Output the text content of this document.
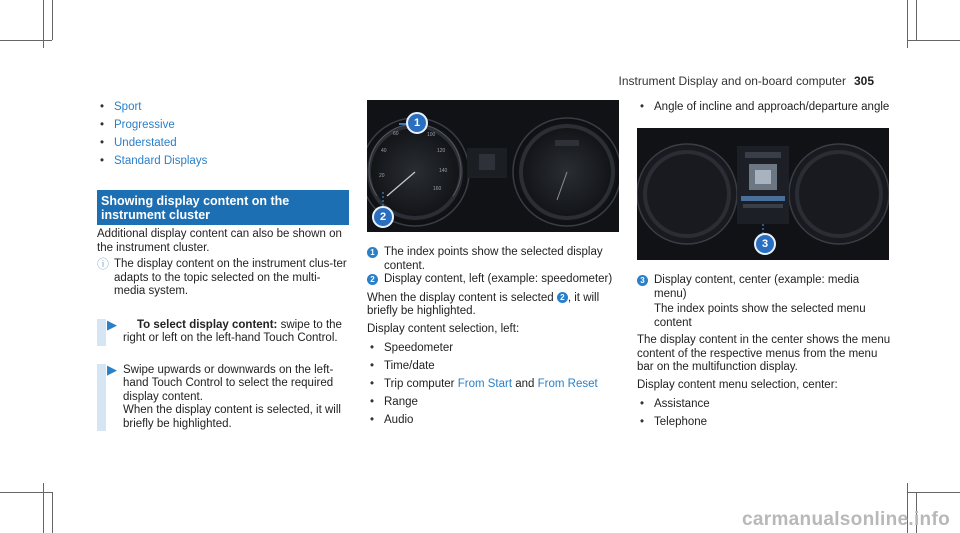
Instrument Display and on-board computer 305
• Sport
• Progressive
• Understated
• Standard Displays
Showing display content on the instrument cluster

Additional display content can also be shown on the instrument cluster.

ⓘ The display content on the instrument clus-ter adapts to the topic selected on the multi-media system.
▶	To select display content: swipe to the right or left on the left-hand Touch Control.
▶ Swipe upwards or downwards on the left-hand Touch Control to select the required display content.
When the display content is selected, it will briefly be highlighted.
20
40
60	100
120
140
160
1
2
1 The index points show the selected display content.
2 Display content, left (example: speedometer)

When the display content is selected 2 , it will briefly be highlighted.

Display content selection, left:

• Speedometer
• Time/date
• Trip computer From Start and From Reset
• Range
• Audio
• Angle of incline and approach/departure angle
3
3 Display content, center (example: media menu)
The index points show the selected menu content

The display content in the center shows the menu content of the respective menus from the menu bar on the multifunction display.

Display content menu selection, center:

• Assistance
• Telephone
carmanualsonline.info
